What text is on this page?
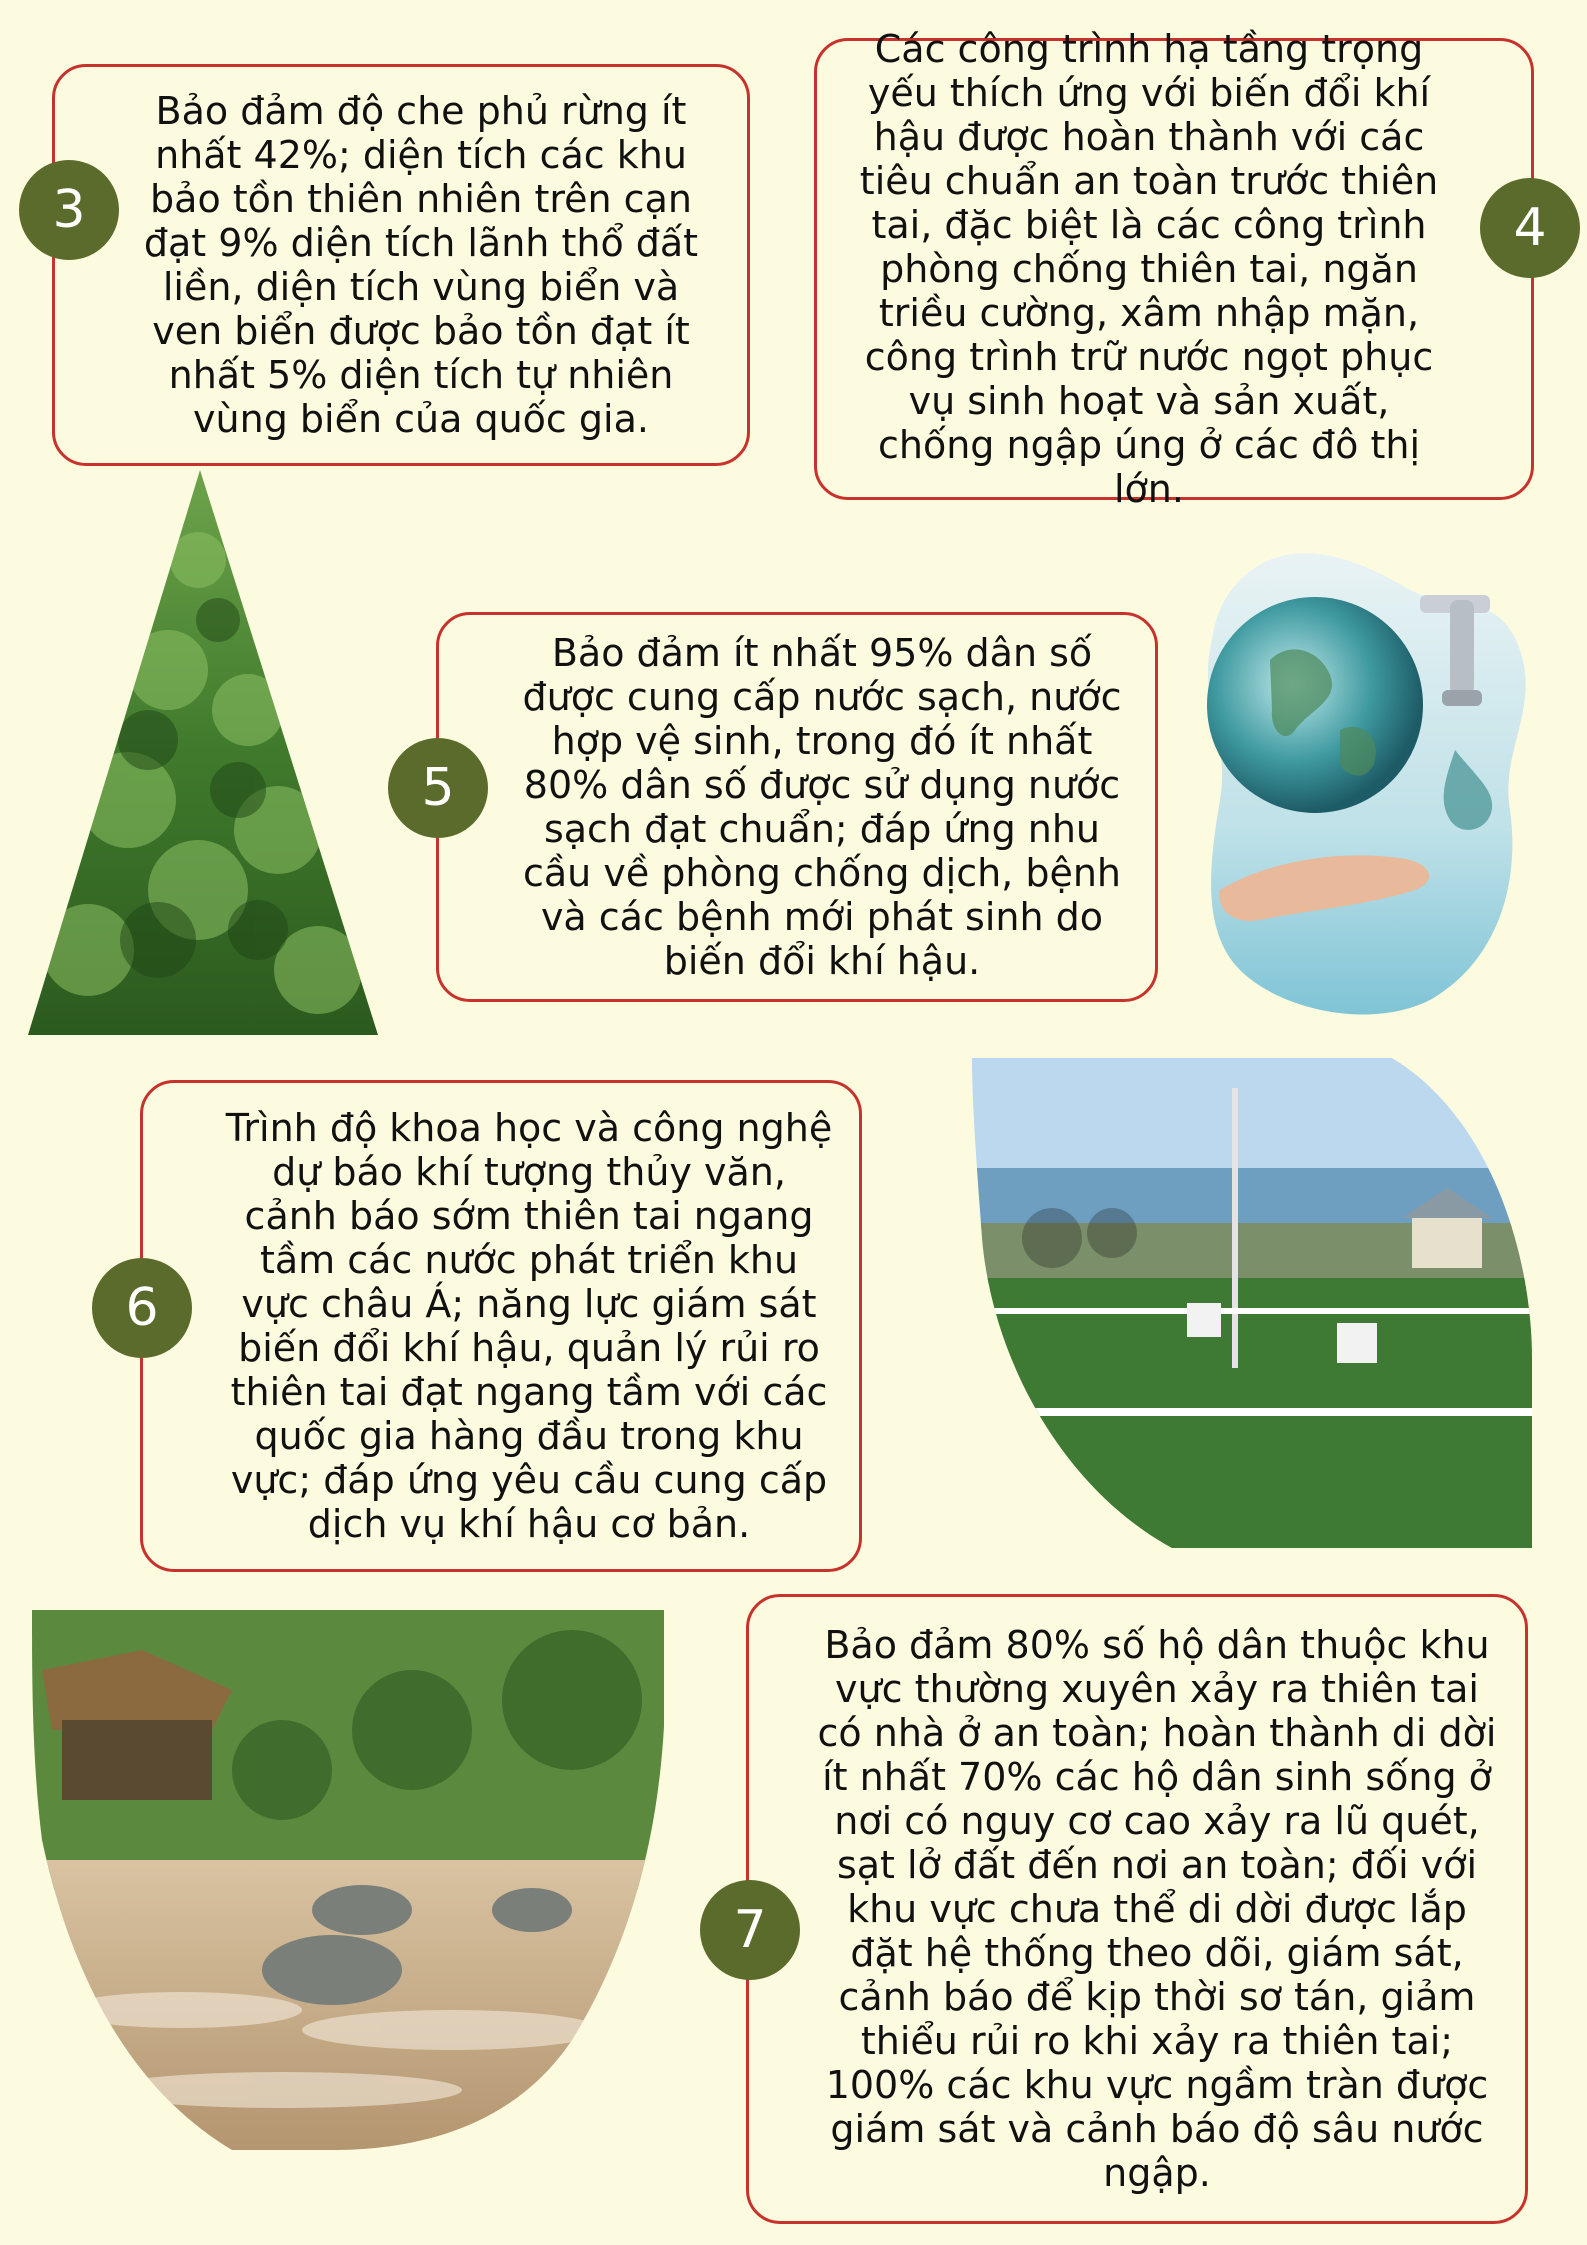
Bảo đảm độ che phủ rừng ít nhất 42%; diện tích các khu bảo tồn thiên nhiên trên cạn đạt 9% diện tích lãnh thổ đất liền, diện tích vùng biển và ven biển được bảo tồn đạt ít nhất 5% diện tích tự nhiên vùng biển của quốc gia.

3

Các công trình hạ tầng trọng yếu thích ứng với biến đổi khí hậu được hoàn thành với các tiêu chuẩn an toàn trước thiên tai, đặc biệt là các công trình phòng chống thiên tai, ngăn triều cường, xâm nhập mặn, công trình trữ nước ngọt phục vụ sinh hoạt và sản xuất, chống ngập úng ở các đô thị lớn.

4

Bảo đảm ít nhất 95% dân số được cung cấp nước sạch, nước hợp vệ sinh, trong đó ít nhất 80% dân số được sử dụng nước sạch đạt chuẩn; đáp ứng nhu cầu về phòng chống dịch, bệnh và các bệnh mới phát sinh do biến đổi khí hậu.

5

Trình độ khoa học và công nghệ dự báo khí tượng thủy văn, cảnh báo sớm thiên tai ngang tầm các nước phát triển khu vực châu Á; năng lực giám sát biến đổi khí hậu, quản lý rủi ro thiên tai đạt ngang tầm với các quốc gia hàng đầu trong khu vực; đáp ứng yêu cầu cung cấp dịch vụ khí hậu cơ bản.

6

Bảo đảm 80% số hộ dân thuộc khu vực thường xuyên xảy ra thiên tai có nhà ở an toàn; hoàn thành di dời ít nhất 70% các hộ dân sinh sống ở nơi có nguy cơ cao xảy ra lũ quét, sạt lở đất đến nơi an toàn; đối với khu vực chưa thể di dời được lắp đặt hệ thống theo dõi, giám sát, cảnh báo để kịp thời sơ tán, giảm thiểu rủi ro khi xảy ra thiên tai; 100% các khu vực ngầm tràn được giám sát và cảnh báo độ sâu nước ngập.

7
